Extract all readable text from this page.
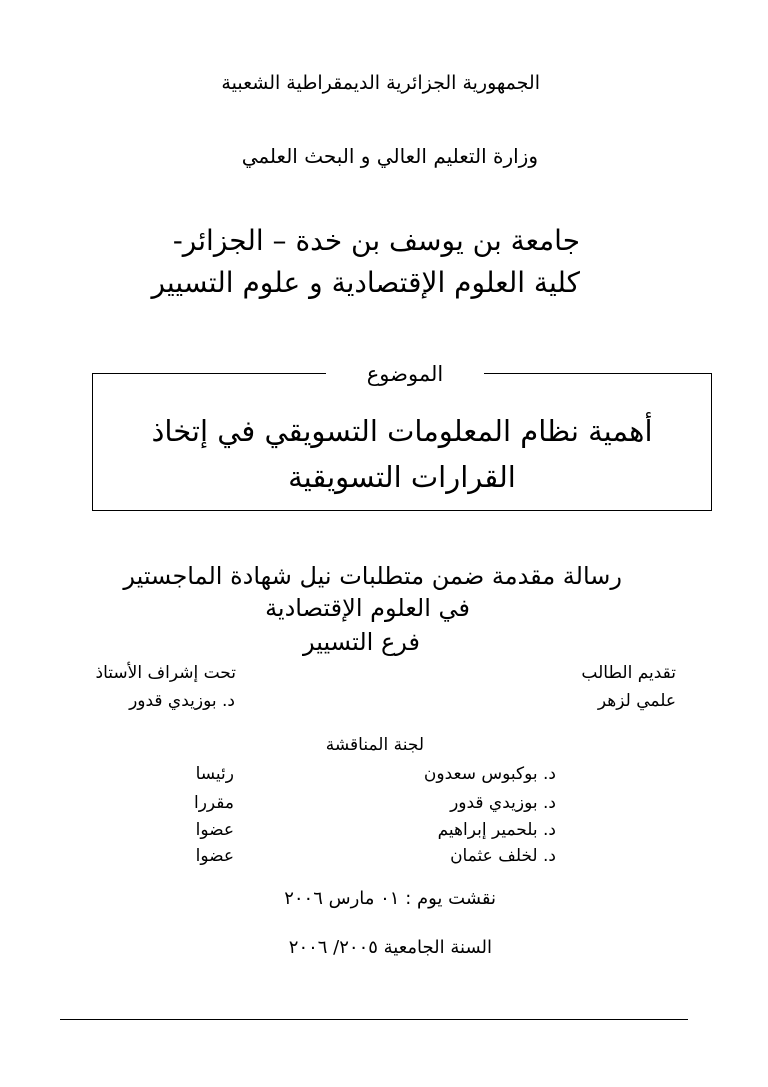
الجمهورية الجزائرية الديمقراطية الشعبية
وزارة التعليم العالي و البحث العلمي
جامعة بن يوسف بن خدة – الجزائر-
كلية العلوم الإقتصادية و علوم التسيير
الموضوع
أهمية نظام المعلومات التسويقي في إتخاذ القرارات التسويقية
رسالة مقدمة ضمن متطلبات نيل شهادة الماجستير
في العلوم الإقتصادية
فرع التسيير
تقديم الطالب
علمي لزهر
تحت إشراف الأستاذ
د. بوزيدي قدور
لجنة المناقشة
د. بوكبوس سعدون
رئيسا
د. بوزيدي قدور
مقررا
د. بلحمير إبراهيم
عضوا
د. لخلف عثمان
عضوا
نقشت يوم : ٠١ مارس ٢٠٠٦
السنة الجامعية ٢٠٠٥/ ٢٠٠٦
